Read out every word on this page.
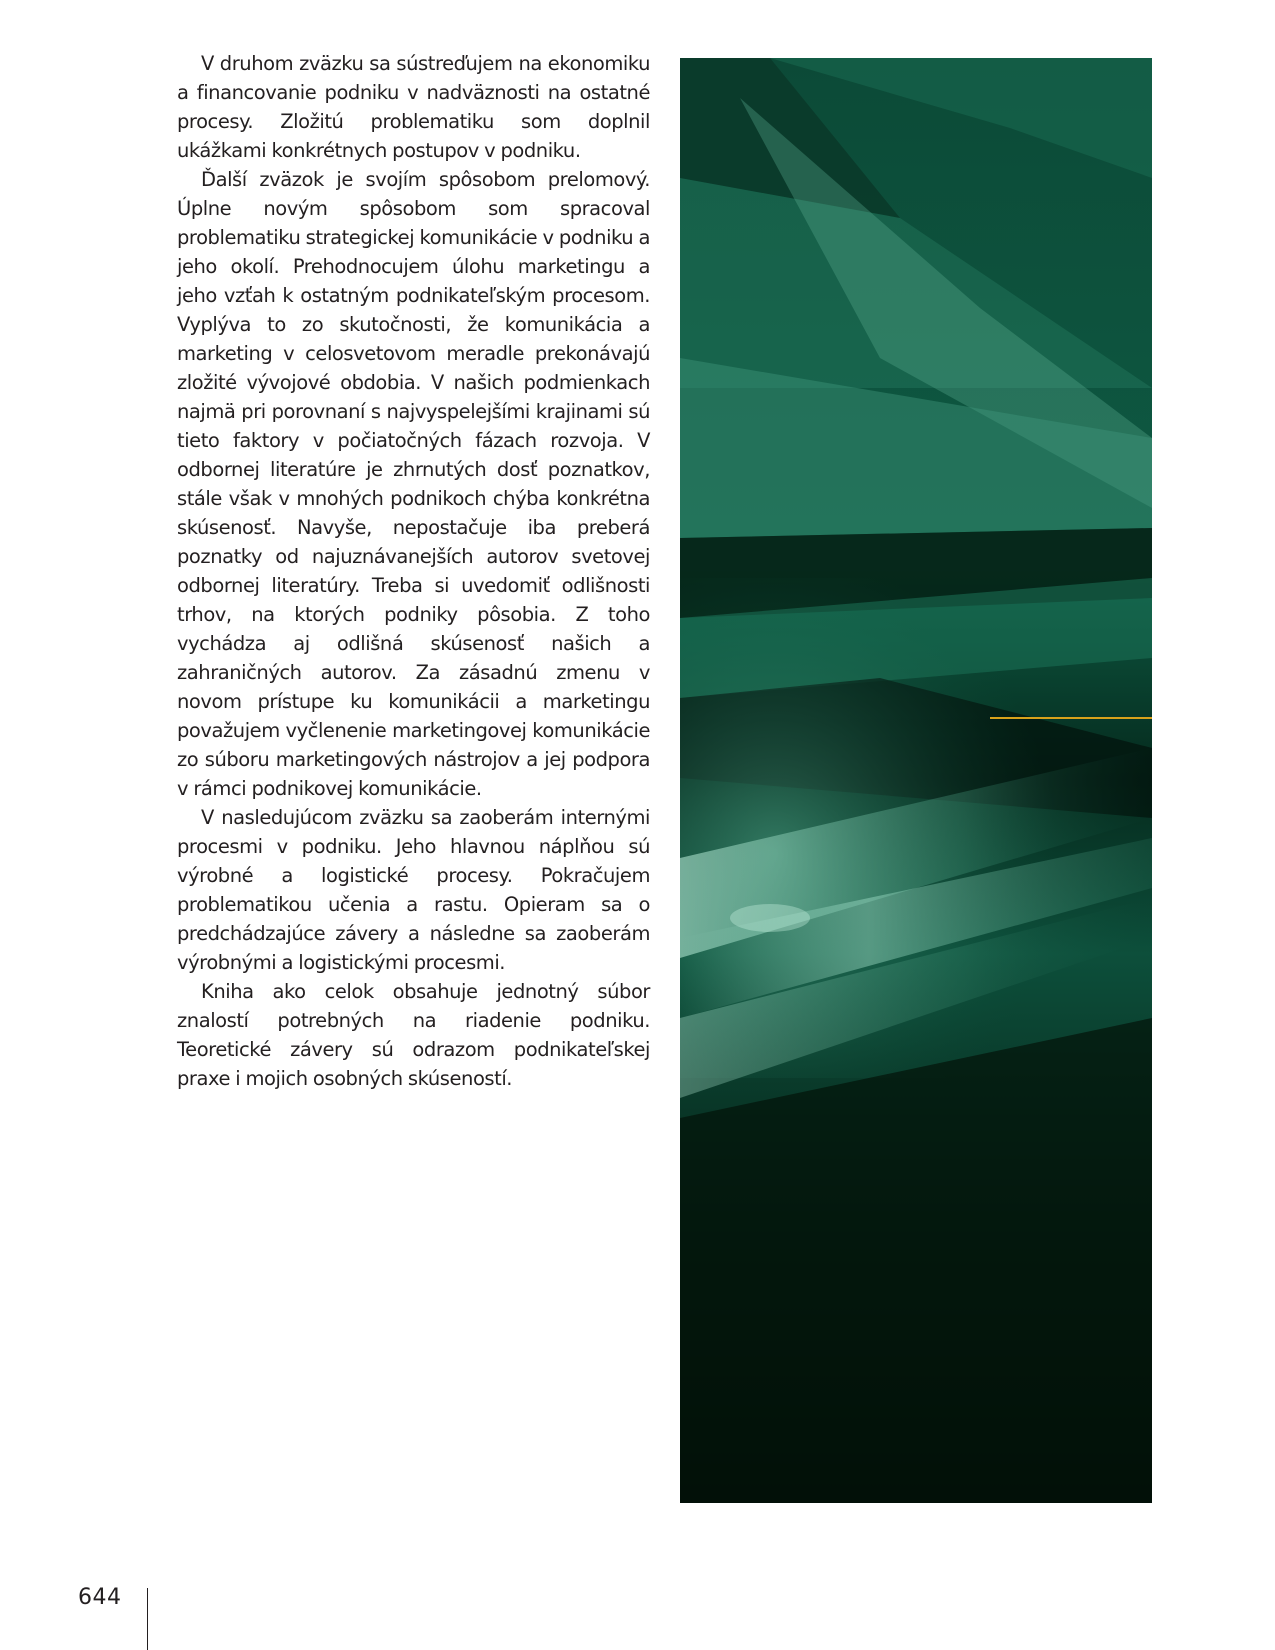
V druhom zväzku sa sústreďujem na ekonomiku a financovanie podniku v nadväznosti na ostatné procesy. Zložitú problematiku som doplnil ukážkami konkrétnych postupov v podniku.

Ďalší zväzok je svojím spôsobom prelomový. Úplne novým spôsobom som spracoval problematiku strategickej komunikácie v podniku a jeho okolí. Prehodnocujem úlohu marketingu a jeho vzťah k ostatným podnikateľským procesom. Vyplýva to zo skutočnosti, že komunikácia a marketing v celosvetovom meradle prekonávajú zložité vývojové obdobia. V našich podmienkach najmä pri porovnaní s najvyspelejšími krajinami sú tieto faktory v počiatočných fázach rozvoja. V odbornej literatúre je zhrnutých dosť poznatkov, stále však v mnohých podnikoch chýba konkrétna skúsenosť. Navyše, nepostačuje iba preberá poznatky od najuznávanejších autorov svetovej odbornej literatúry. Treba si uvedomiť odlišnosti trhov, na ktorých podniky pôsobia. Z toho vychádza aj odlišná skúsenosť našich a zahraničných autorov. Za zásadnú zmenu v novom prístupe ku komunikácii a marketingu považujem vyčlenenie marketingovej komunikácie zo súboru marketingových nástrojov a jej podpora v rámci podnikovej komunikácie.

V nasledujúcom zväzku sa zaoberám internými procesmi v podniku. Jeho hlavnou náplňou sú výrobné a logistické procesy. Pokračujem problematikou učenia a rastu. Opieram sa o predchádzajúce závery a následne sa zaoberám výrobnými a logistickými procesmi.

Kniha ako celok obsahuje jednotný súbor znalostí potrebných na riadenie podniku. Teoretické závery sú odrazom podnikateľskej praxe i mojich osobných skúseností.

644
